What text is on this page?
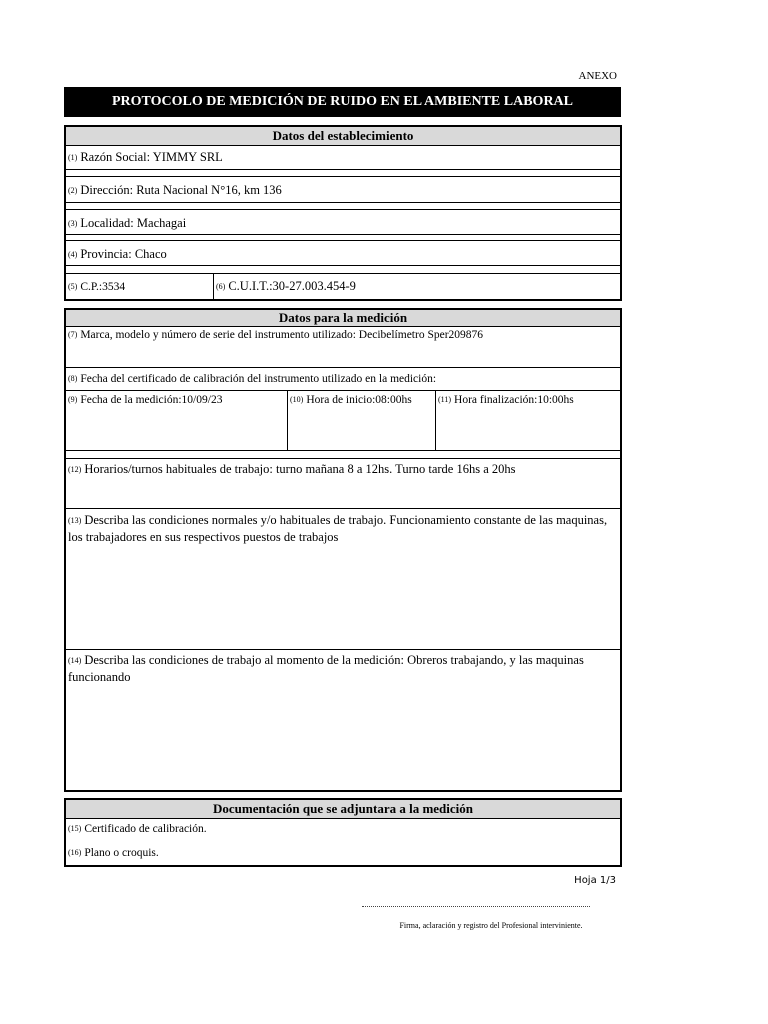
ANEXO
PROTOCOLO DE MEDICIÓN DE RUIDO EN EL AMBIENTE LABORAL
Datos del establecimiento
(1) Razón Social: YIMMY SRL
(2) Dirección: Ruta Nacional N°16, km 136
(3) Localidad: Machagai
(4) Provincia: Chaco
(5) C.P.:3534	(6) C.U.I.T.:30-27.003.454-9
Datos para la medición
(7) Marca, modelo y número de serie del instrumento utilizado: Decibelímetro Sper209876
(8) Fecha del certificado de calibración del instrumento utilizado en la medición:
(9) Fecha de la medición:10/09/23	(10) Hora de inicio:08:00hs	(11) Hora finalización:10:00hs
(12) Horarios/turnos habituales de trabajo: turno mañana 8 a 12hs. Turno tarde 16hs a 20hs
(13) Describa las condiciones normales y/o habituales de trabajo. Funcionamiento constante de las maquinas, los trabajadores en sus respectivos puestos de trabajos
(14) Describa las condiciones de trabajo al momento de la medición: Obreros trabajando, y las maquinas funcionando
Documentación que se adjuntara a la medición
(15) Certificado de calibración.
(16) Plano o croquis.
Hoja 1/3
Firma, aclaración y registro del Profesional interviniente.
